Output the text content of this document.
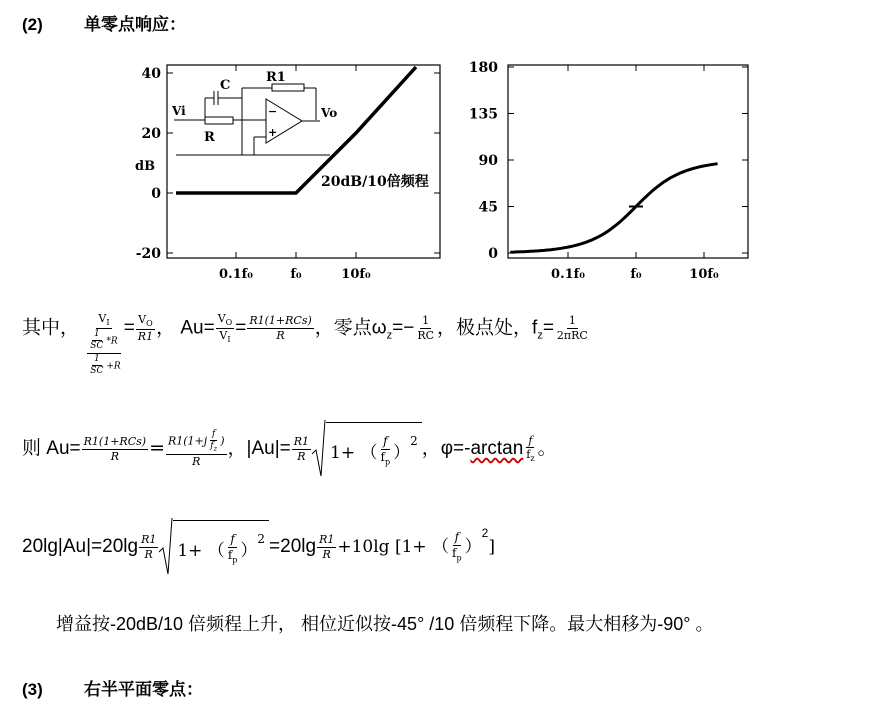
(2) 单零点响应：
40
20
0
-20
dB
0.1f₀	f₀	10f₀
Vi
C
R
R1
Vo
−
+
20dB/10倍频程
180
135
90
45
0
0.1f₀	f₀	10f₀
其中， $V_I$
$\frac{1}{SC} *R$

$\frac{1}{SC} +R$
= $\frac{V_O}{R1}$ ， $Au= \frac{V_O}{V_I} = \frac{\text{R1(1+RCs)}}{R}$ ，零点$\omega_z=- \frac{1}{RC}$ ，极点处，$f_z= \frac{1}{\text{2πRC}}$
则 $Au= \frac{\text{R1(1+RCs)}}{R} = \frac{R1(1+j \frac{f}{f_z} )}{R}$ ，$|Au|= \frac{R1}{R} 1+$ （ $\frac{f}{f_p}$ ）
$^2$ ，$\varphi=-\arctan \frac{f}{f_z}$ 。
$20\lg|Au|=20\lg \frac{R1}{R} 1+$ （ $\frac{f}{f_p}$ ）
$^2 =20\lg \frac{R1}{R} +10\lg$ [1+ （ $\frac{f}{f_p} )^2$]
增益按-20dB/10 倍频程上升， 相位近似按-45° /10 倍频程下降。最大相移为-90° 。
(3) 右半平面零点：
